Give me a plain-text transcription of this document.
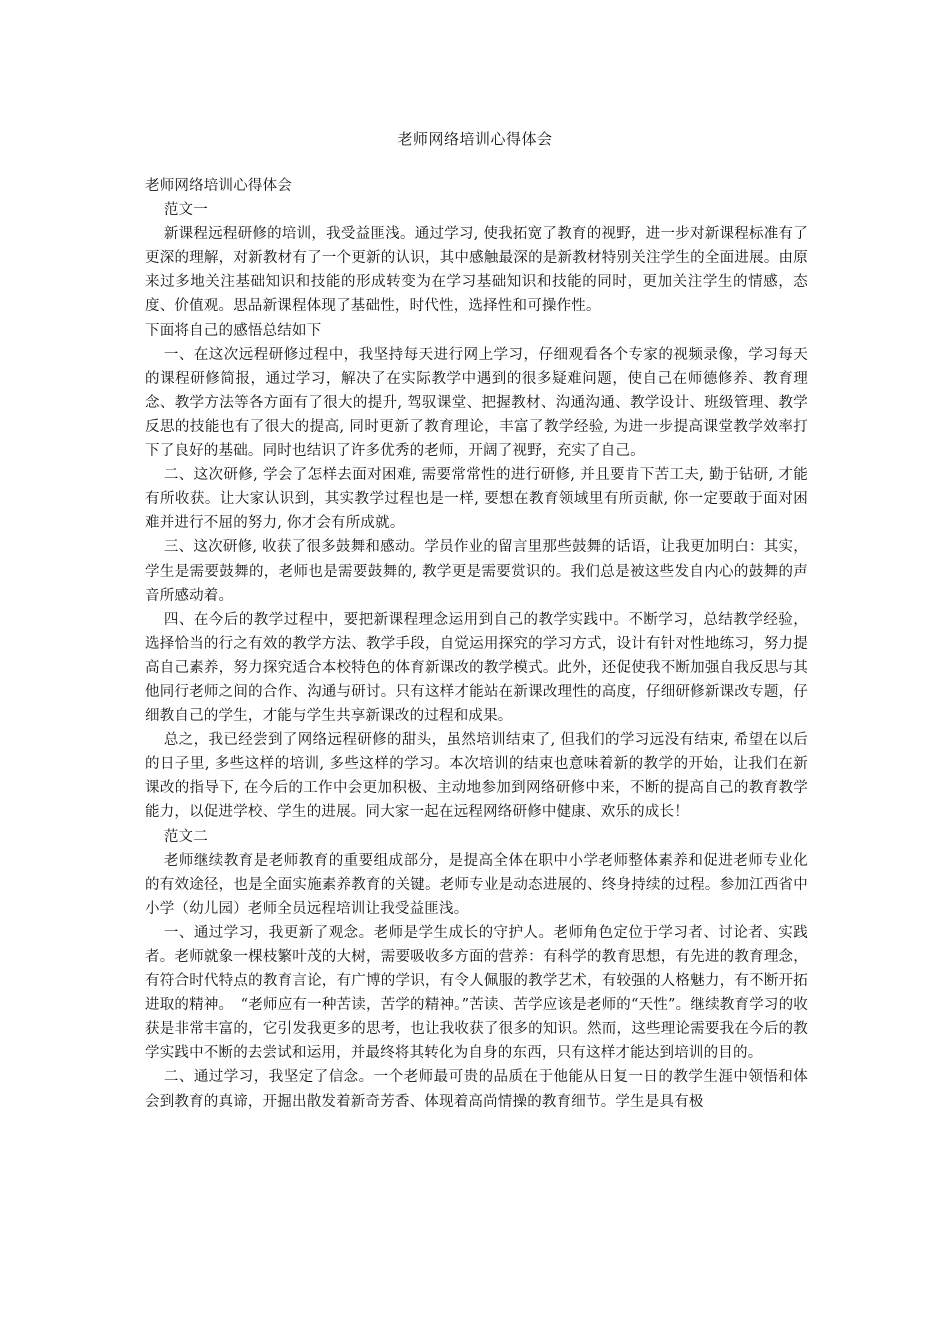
老师网络培训心得体会

老师网络培训心得体会

范文一

新课程远程研修的培训，我受益匪浅。通过学习, 使我拓宽了教育的视野，进一步对新课程标准有了更深的理解，对新教材有了一个更新的认识，其中感触最深的是新教材特别关注学生的全面进展。由原来过多地关注基础知识和技能的形成转变为在学习基础知识和技能的同时，更加关注学生的情感，态度、价值观。思品新课程体现了基础性，时代性，选择性和可操作性。

下面将自己的感悟总结如下

一、在这次远程研修过程中，我坚持每天进行网上学习，仔细观看各个专家的视频录像，学习每天的课程研修简报，通过学习，解决了在实际教学中遇到的很多疑难问题，使自己在师德修养、教育理念、教学方法等各方面有了很大的提升, 驾驭课堂、把握教材、沟通沟通、教学设计、班级管理、教学反思的技能也有了很大的提高, 同时更新了教育理论，丰富了教学经验, 为进一步提高课堂教学效率打下了良好的基础。同时也结识了许多优秀的老师，开阔了视野，充实了自己。

二、这次研修, 学会了怎样去面对困难, 需要常常性的进行研修, 并且要肯下苦工夫, 勤于钻研, 才能有所收获。让大家认识到，其实教学过程也是一样, 要想在教育领域里有所贡献, 你一定要敢于面对困难并进行不屈的努力, 你才会有所成就。

三、这次研修, 收获了很多鼓舞和感动。学员作业的留言里那些鼓舞的话语，让我更加明白：其实，学生是需要鼓舞的，老师也是需要鼓舞的, 教学更是需要赏识的。我们总是被这些发自内心的鼓舞的声音所感动着。

四、在今后的教学过程中，要把新课程理念运用到自己的教学实践中。不断学习，总结教学经验，选择恰当的行之有效的教学方法、教学手段，自觉运用探究的学习方式，设计有针对性地练习，努力提高自己素养，努力探究适合本校特色的体育新课改的教学模式。此外，还促使我不断加强自我反思与其他同行老师之间的合作、沟通与研讨。只有这样才能站在新课改理性的高度，仔细研修新课改专题，仔细教自己的学生，才能与学生共享新课改的过程和成果。

总之，我已经尝到了网络远程研修的甜头，虽然培训结束了, 但我们的学习远没有结束, 希望在以后的日子里, 多些这样的培训, 多些这样的学习。本次培训的结束也意味着新的教学的开始，让我们在新课改的指导下, 在今后的工作中会更加积极、主动地参加到网络研修中来，不断的提高自己的教育教学能力，以促进学校、学生的进展。同大家一起在远程网络研修中健康、欢乐的成长！

范文二

老师继续教育是老师教育的重要组成部分，是提高全体在职中小学老师整体素养和促进老师专业化的有效途径，也是全面实施素养教育的关键。老师专业是动态进展的、终身持续的过程。参加江西省中小学（幼儿园）老师全员远程培训让我受益匪浅。

一、通过学习，我更新了观念。老师是学生成长的守护人。老师角色定位于学习者、讨论者、实践者。老师就象一棵枝繁叶茂的大树，需要吸收多方面的营养：有科学的教育思想，有先进的教育理念，有符合时代特点的教育言论，有广博的学识，有令人佩服的教学艺术，有较强的人格魅力，有不断开拓进取的精神。　“老师应有一种苦读，苦学的精神。”苦读、苦学应该是老师的“天性”。继续教育学习的收获是非常丰富的，它引发我更多的思考，也让我收获了很多的知识。然而，这些理论需要我在今后的教学实践中不断的去尝试和运用，并最终将其转化为自身的东西，只有这样才能达到培训的目的。

二、通过学习，我坚定了信念。一个老师最可贵的品质在于他能从日复一日的教学生涯中领悟和体会到教育的真谛，开掘出散发着新奇芳香、体现着高尚情操的教育细节。学生是具有极
